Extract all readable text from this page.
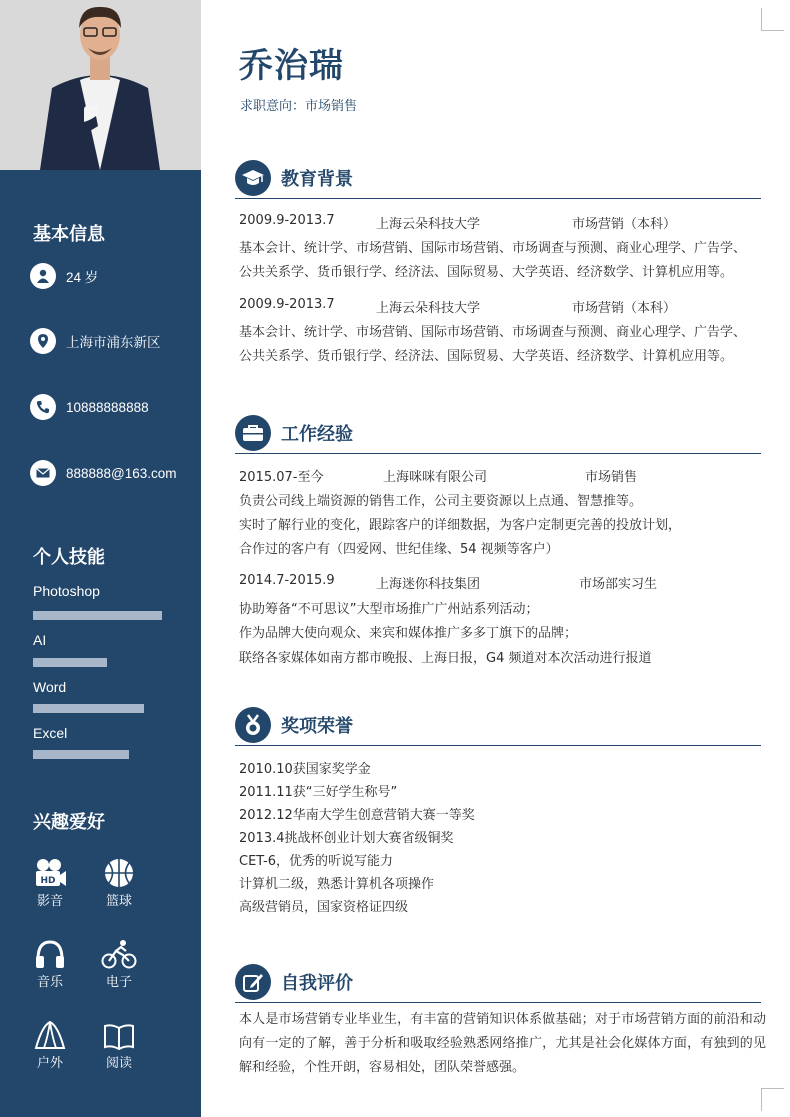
基本信息
24 岁
上海市浦东新区
10888888888
888888@163.com
个人技能
Photoshop
AI
Word
Excel
兴趣爱好
HD
影音	篮球
音乐	电子
户外	阅读
乔治瑞
求职意向：市场销售
教育背景
2009.9-2013.7	上海云朵科技大学	市场营销（本科）
基本会计、统计学、市场营销、国际市场营销、市场调查与预测、商业心理学、广告学、
公共关系学、货币银行学、经济法、国际贸易、大学英语、经济数学、计算机应用等。
2009.9-2013.7	上海云朵科技大学	市场营销（本科）
基本会计、统计学、市场营销、国际市场营销、市场调查与预测、商业心理学、广告学、
公共关系学、货币银行学、经济法、国际贸易、大学英语、经济数学、计算机应用等。
工作经验
2015.07-至今	上海咪咪有限公司	市场销售
负责公司线上端资源的销售工作，公司主要资源以上点通、智慧推等。
实时了解行业的变化，跟踪客户的详细数据，为客户定制更完善的投放计划，
合作过的客户有（四爱网、世纪佳缘、54 视频等客户）
2014.7-2015.9	上海迷你科技集团	市场部实习生
协助筹备“不可思议”大型市场推广广州站系列活动；
作为品牌大使向观众、来宾和媒体推广多多丁旗下的品牌；
联络各家媒体如南方都市晚报、上海日报，G4 频道对本次活动进行报道
奖项荣誉
2010.10获国家奖学金
2011.11获“三好学生称号”
2012.12华南大学生创意营销大赛一等奖
2013.4挑战杯创业计划大赛省级铜奖
CET-6，优秀的听说写能力
计算机二级，熟悉计算机各项操作
高级营销员，国家资格证四级
自我评价
本人是市场营销专业毕业生，有丰富的营销知识体系做基础；对于市场营销方面的前沿和动向有一定的了解，善于分析和吸取经验熟悉网络推广，尤其是社会化媒体方面，有独到的见解和经验，个性开朗，容易相处，团队荣誉感强。
